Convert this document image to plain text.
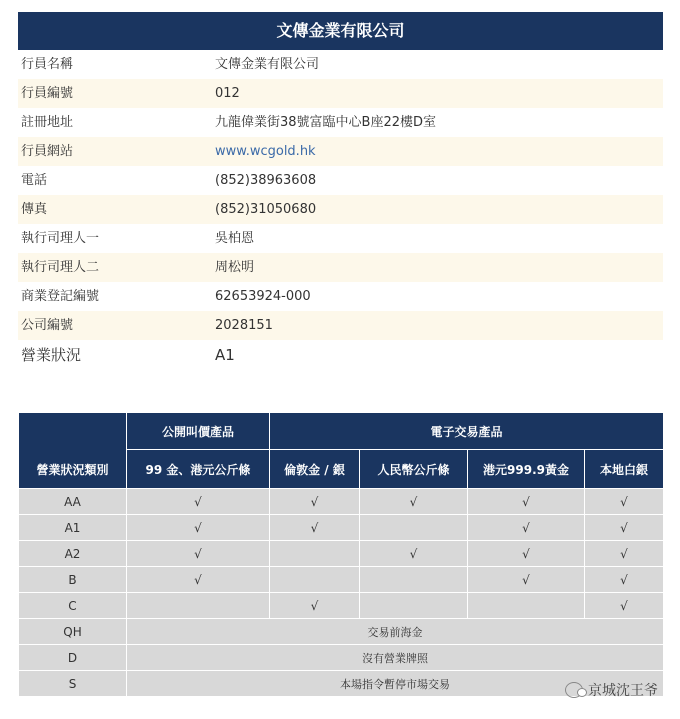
文傳金業有限公司
行員名稱	文傳金業有限公司
行員編號	012
註冊地址	九龍偉業街38號富臨中心B座22樓D室
行員網站	www.wcgold.hk
電話	(852)38963608
傳真	(852)31050680
執行司理人一	吳柏恩
執行司理人二	周松明
商業登記編號	62653924-000
公司編號	2028151
營業狀況	A1
營業狀況類別	公開叫價產品	電子交易產品			
	99 金、港元公斤條	倫敦金 / 銀	人民幣公斤條	港元999.9黃金	本地白銀
AA	√	√	√	√	√
A1	√	√		√	√
A2	√		√	√	√
B	√			√	√
C		√			√
QH	交易前海金				
D	沒有營業牌照				
S	本場指令暫停市場交易					京城沈王爷
